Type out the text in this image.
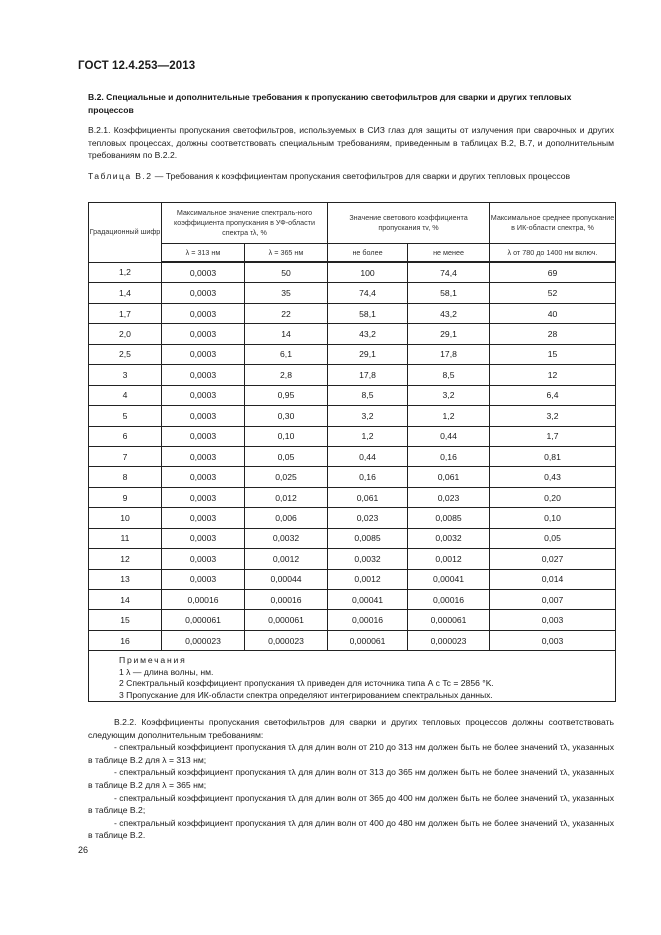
ГОСТ 12.4.253—2013
B.2. Специальные и дополнительные требования к пропусканию светофильтров для сварки и других тепловых процессов
В.2.1. Коэффициенты пропускания светофильтров, используемых в СИЗ глаз для защиты от излучения при сварочных и других тепловых процессах, должны соответствовать специальным требованиям, приведенным в таблицах В.2, В.7, и дополнительным требованиям по В.2.2.
Таблица В.2 — Требования к коэффициентам пропускания светофильтров для сварки и других тепловых процессов
Градационный шифр	Максимальное значение спектраль-ного коэффициента пропускания в УФ-области спектра τλ, %		Значение светового коэффициента пропускания τv, %		Максимальное среднее пропускание в ИК-области спектра, %
	λ = 313 нм	λ = 365 нм	не более	не менее	λ от 780 до 1400 нм включ.
1,2	0,0003	50	100	74,4	69
1,4	0,0003	35	74,4	58,1	52
1,7	0,0003	22	58,1	43,2	40
2,0	0,0003	14	43,2	29,1	28
2,5	0,0003	6,1	29,1	17,8	15
3	0,0003	2,8	17,8	8,5	12
4	0,0003	0,95	8,5	3,2	6,4
5	0,0003	0,30	3,2	1,2	3,2
6	0,0003	0,10	1,2	0,44	1,7
7	0,0003	0,05	0,44	0,16	0,81
8	0,0003	0,025	0,16	0,061	0,43
9	0,0003	0,012	0,061	0,023	0,20
10	0,0003	0,006	0,023	0,0085	0,10
11	0,0003	0,0032	0,0085	0,0032	0,05
12	0,0003	0,0012	0,0032	0,0012	0,027
13	0,0003	0,00044	0,0012	0,00041	0,014
14	0,00016	0,00016	0,00041	0,00016	0,007
15	0,000061	0,000061	0,00016	0,000061	0,003
16	0,000023	0,000023	0,000061	0,000023	0,003

Примечания
1 λ — длина волны, нм.
2 Спектральный коэффициент пропускания τλ приведен для источника типа А с Tc = 2856 °K.
3 Пропускание для ИК-области спектра определяют интегрированием спектральных данных.					
В.2.2. Коэффициенты пропускания светофильтров для сварки и других тепловых процессов должны соответствовать следующим дополнительным требованиям:
- спектральный коэффициент пропускания τλ для длин волн от 210 до 313 нм должен быть не более значений τλ, указанных в таблице В.2 для λ = 313 нм;
- спектральный коэффициент пропускания τλ для длин волн от 313 до 365 нм должен быть не более значений τλ, указанных в таблице В.2 для λ = 365 нм;
- спектральный коэффициент пропускания τλ для длин волн от 365 до 400 нм должен быть не более значений τλ, указанных в таблице В.2;
- спектральный коэффициент пропускания τλ для длин волн от 400 до 480 нм должен быть не более значений τλ, указанных в таблице В.2.
26
